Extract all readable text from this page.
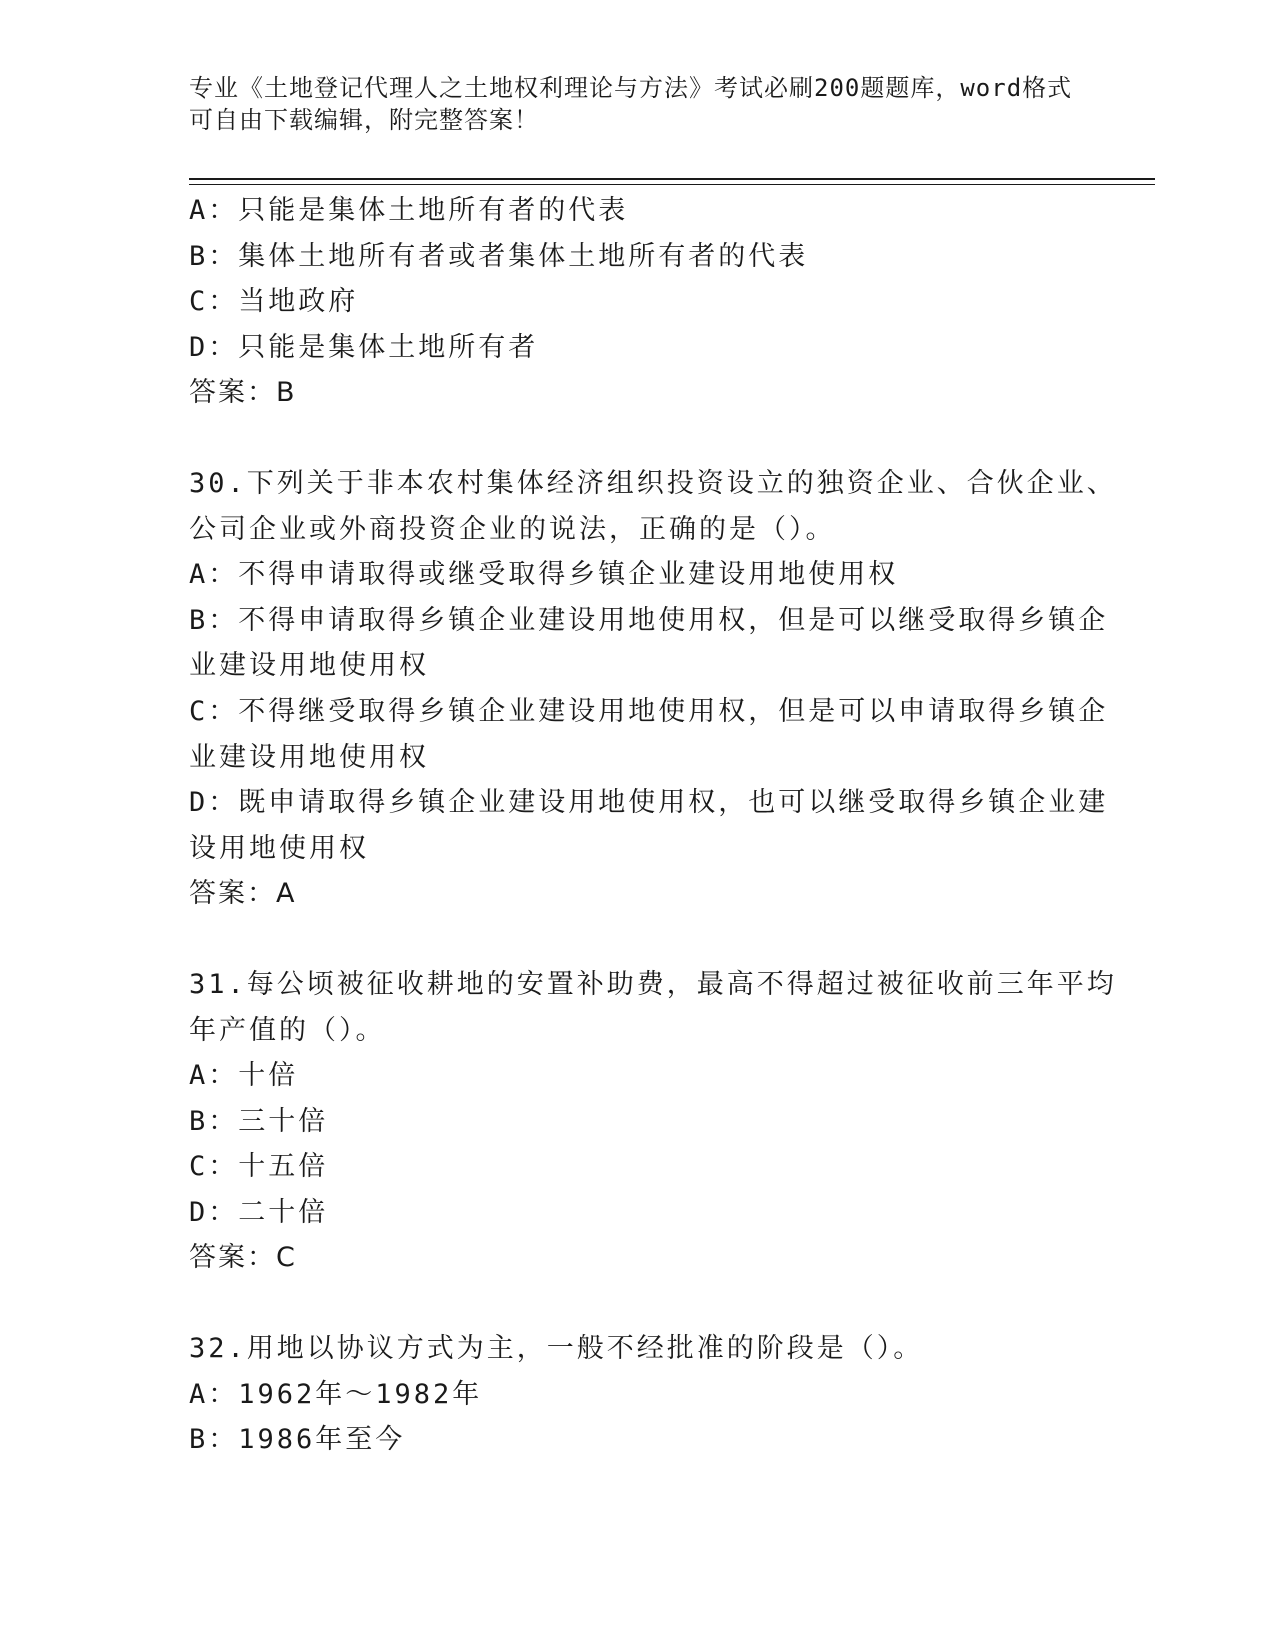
专业《土地登记代理人之土地权利理论与方法》考试必刷200题题库，word格式
可自由下载编辑，附完整答案！

A：只能是集体土地所有者的代表

B：集体土地所有者或者集体土地所有者的代表

C：当地政府

D：只能是集体土地所有者

答案：B

30.下列关于非本农村集体经济组织投资设立的独资企业、合伙企业、

公司企业或外商投资企业的说法，正确的是（）。

A：不得申请取得或继受取得乡镇企业建设用地使用权

B：不得申请取得乡镇企业建设用地使用权，但是可以继受取得乡镇企

业建设用地使用权

C：不得继受取得乡镇企业建设用地使用权，但是可以申请取得乡镇企

业建设用地使用权

D：既申请取得乡镇企业建设用地使用权，也可以继受取得乡镇企业建

设用地使用权

答案：A

31.每公顷被征收耕地的安置补助费，最高不得超过被征收前三年平均

年产值的（）。

A：十倍

B：三十倍

C：十五倍

D：二十倍

答案：C

32.用地以协议方式为主，一般不经批准的阶段是（）。

A：1962年～1982年

B：1986年至今
